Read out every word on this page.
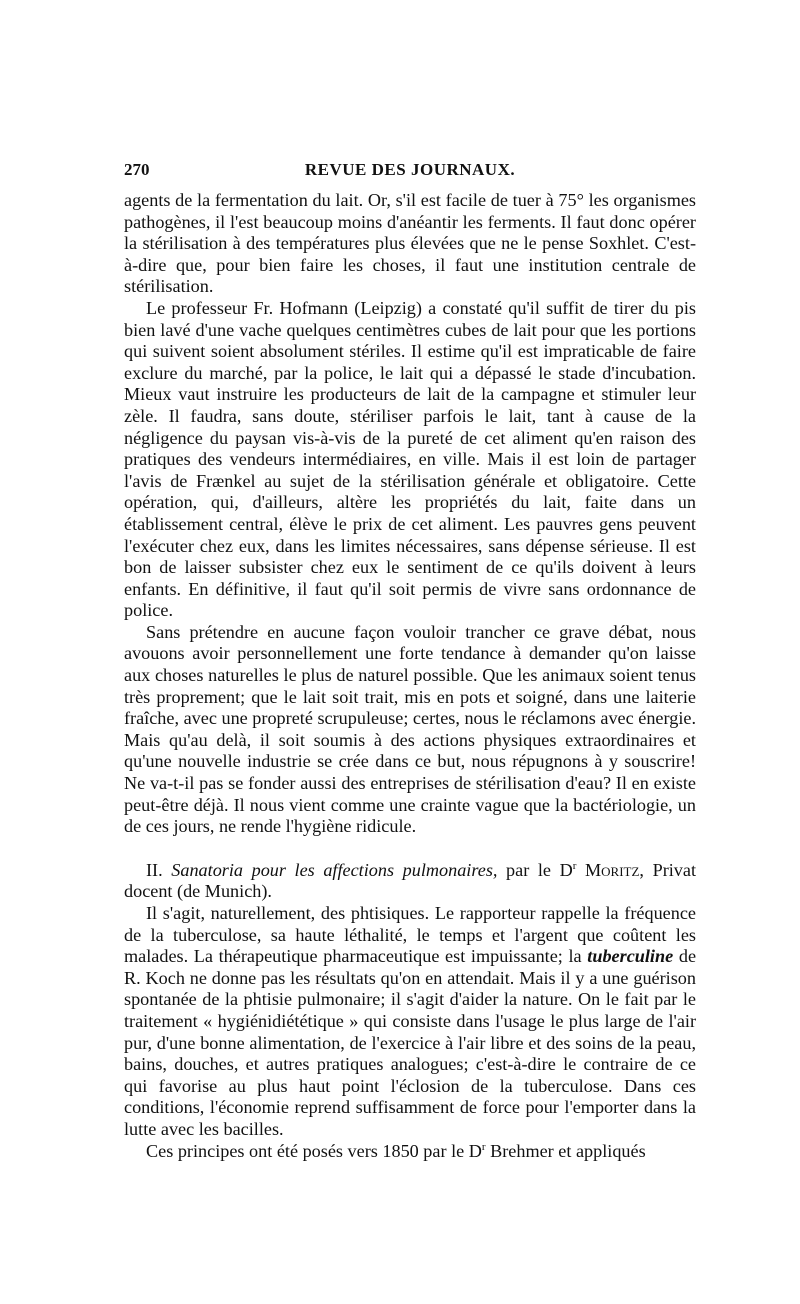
270	REVUE DES JOURNAUX.

agents de la fermentation du lait. Or, s'il est facile de tuer à 75° les organismes pathogènes, il l'est beaucoup moins d'anéantir les ferments. Il faut donc opérer la stérilisation à des températures plus élevées que ne le pense Soxhlet. C'est-à-dire que, pour bien faire les choses, il faut une institution centrale de stérilisation.

Le professeur Fr. Hofmann (Leipzig) a constaté qu'il suffit de tirer du pis bien lavé d'une vache quelques centimètres cubes de lait pour que les portions qui suivent soient absolument stériles. Il estime qu'il est impraticable de faire exclure du marché, par la police, le lait qui a dépassé le stade d'incubation. Mieux vaut instruire les producteurs de lait de la campagne et stimuler leur zèle. Il faudra, sans doute, stériliser parfois le lait, tant à cause de la négligence du paysan vis-à-vis de la pureté de cet aliment qu'en raison des pratiques des vendeurs intermédiaires, en ville. Mais il est loin de partager l'avis de Frænkel au sujet de la stérilisation générale et obligatoire. Cette opération, qui, d'ailleurs, altère les propriétés du lait, faite dans un établissement central, élève le prix de cet aliment. Les pauvres gens peuvent l'exécuter chez eux, dans les limites nécessaires, sans dépense sérieuse. Il est bon de laisser subsister chez eux le sentiment de ce qu'ils doivent à leurs enfants. En définitive, il faut qu'il soit permis de vivre sans ordonnance de police.

Sans prétendre en aucune façon vouloir trancher ce grave débat, nous avouons avoir personnellement une forte tendance à demander qu'on laisse aux choses naturelles le plus de naturel possible. Que les animaux soient tenus très proprement; que le lait soit trait, mis en pots et soigné, dans une laiterie fraîche, avec une propreté scrupuleuse; certes, nous le réclamons avec énergie. Mais qu'au delà, il soit soumis à des actions physiques extraordinaires et qu'une nouvelle industrie se crée dans ce but, nous répugnons à y souscrire! Ne va-t-il pas se fonder aussi des entreprises de stérilisation d'eau? Il en existe peut-être déjà. Il nous vient comme une crainte vague que la bactériologie, un de ces jours, ne rende l'hygiène ridicule.

II. Sanatoria pour les affections pulmonaires, par le $D^r$ Moritz, Privat docent (de Munich).

Il s'agit, naturellement, des phtisiques. Le rapporteur rappelle la fréquence de la tuberculose, sa haute léthalité, le temps et l'argent que coûtent les malades. La thérapeutique pharmaceutique est impuissante; la tuberculine de R. Koch ne donne pas les résultats qu'on en attendait. Mais il y a une guérison spontanée de la phtisie pulmonaire; il s'agit d'aider la nature. On le fait par le traitement « hygiénidiététique » qui consiste dans l'usage le plus large de l'air pur, d'une bonne alimentation, de l'exercice à l'air libre et des soins de la peau, bains, douches, et autres pratiques analogues; c'est-à-dire le contraire de ce qui favorise au plus haut point l'éclosion de la tuberculose. Dans ces conditions, l'économie reprend suffisamment de force pour l'emporter dans la lutte avec les bacilles.

Ces principes ont été posés vers 1850 par le $D^r$ Brehmer et appliqués
